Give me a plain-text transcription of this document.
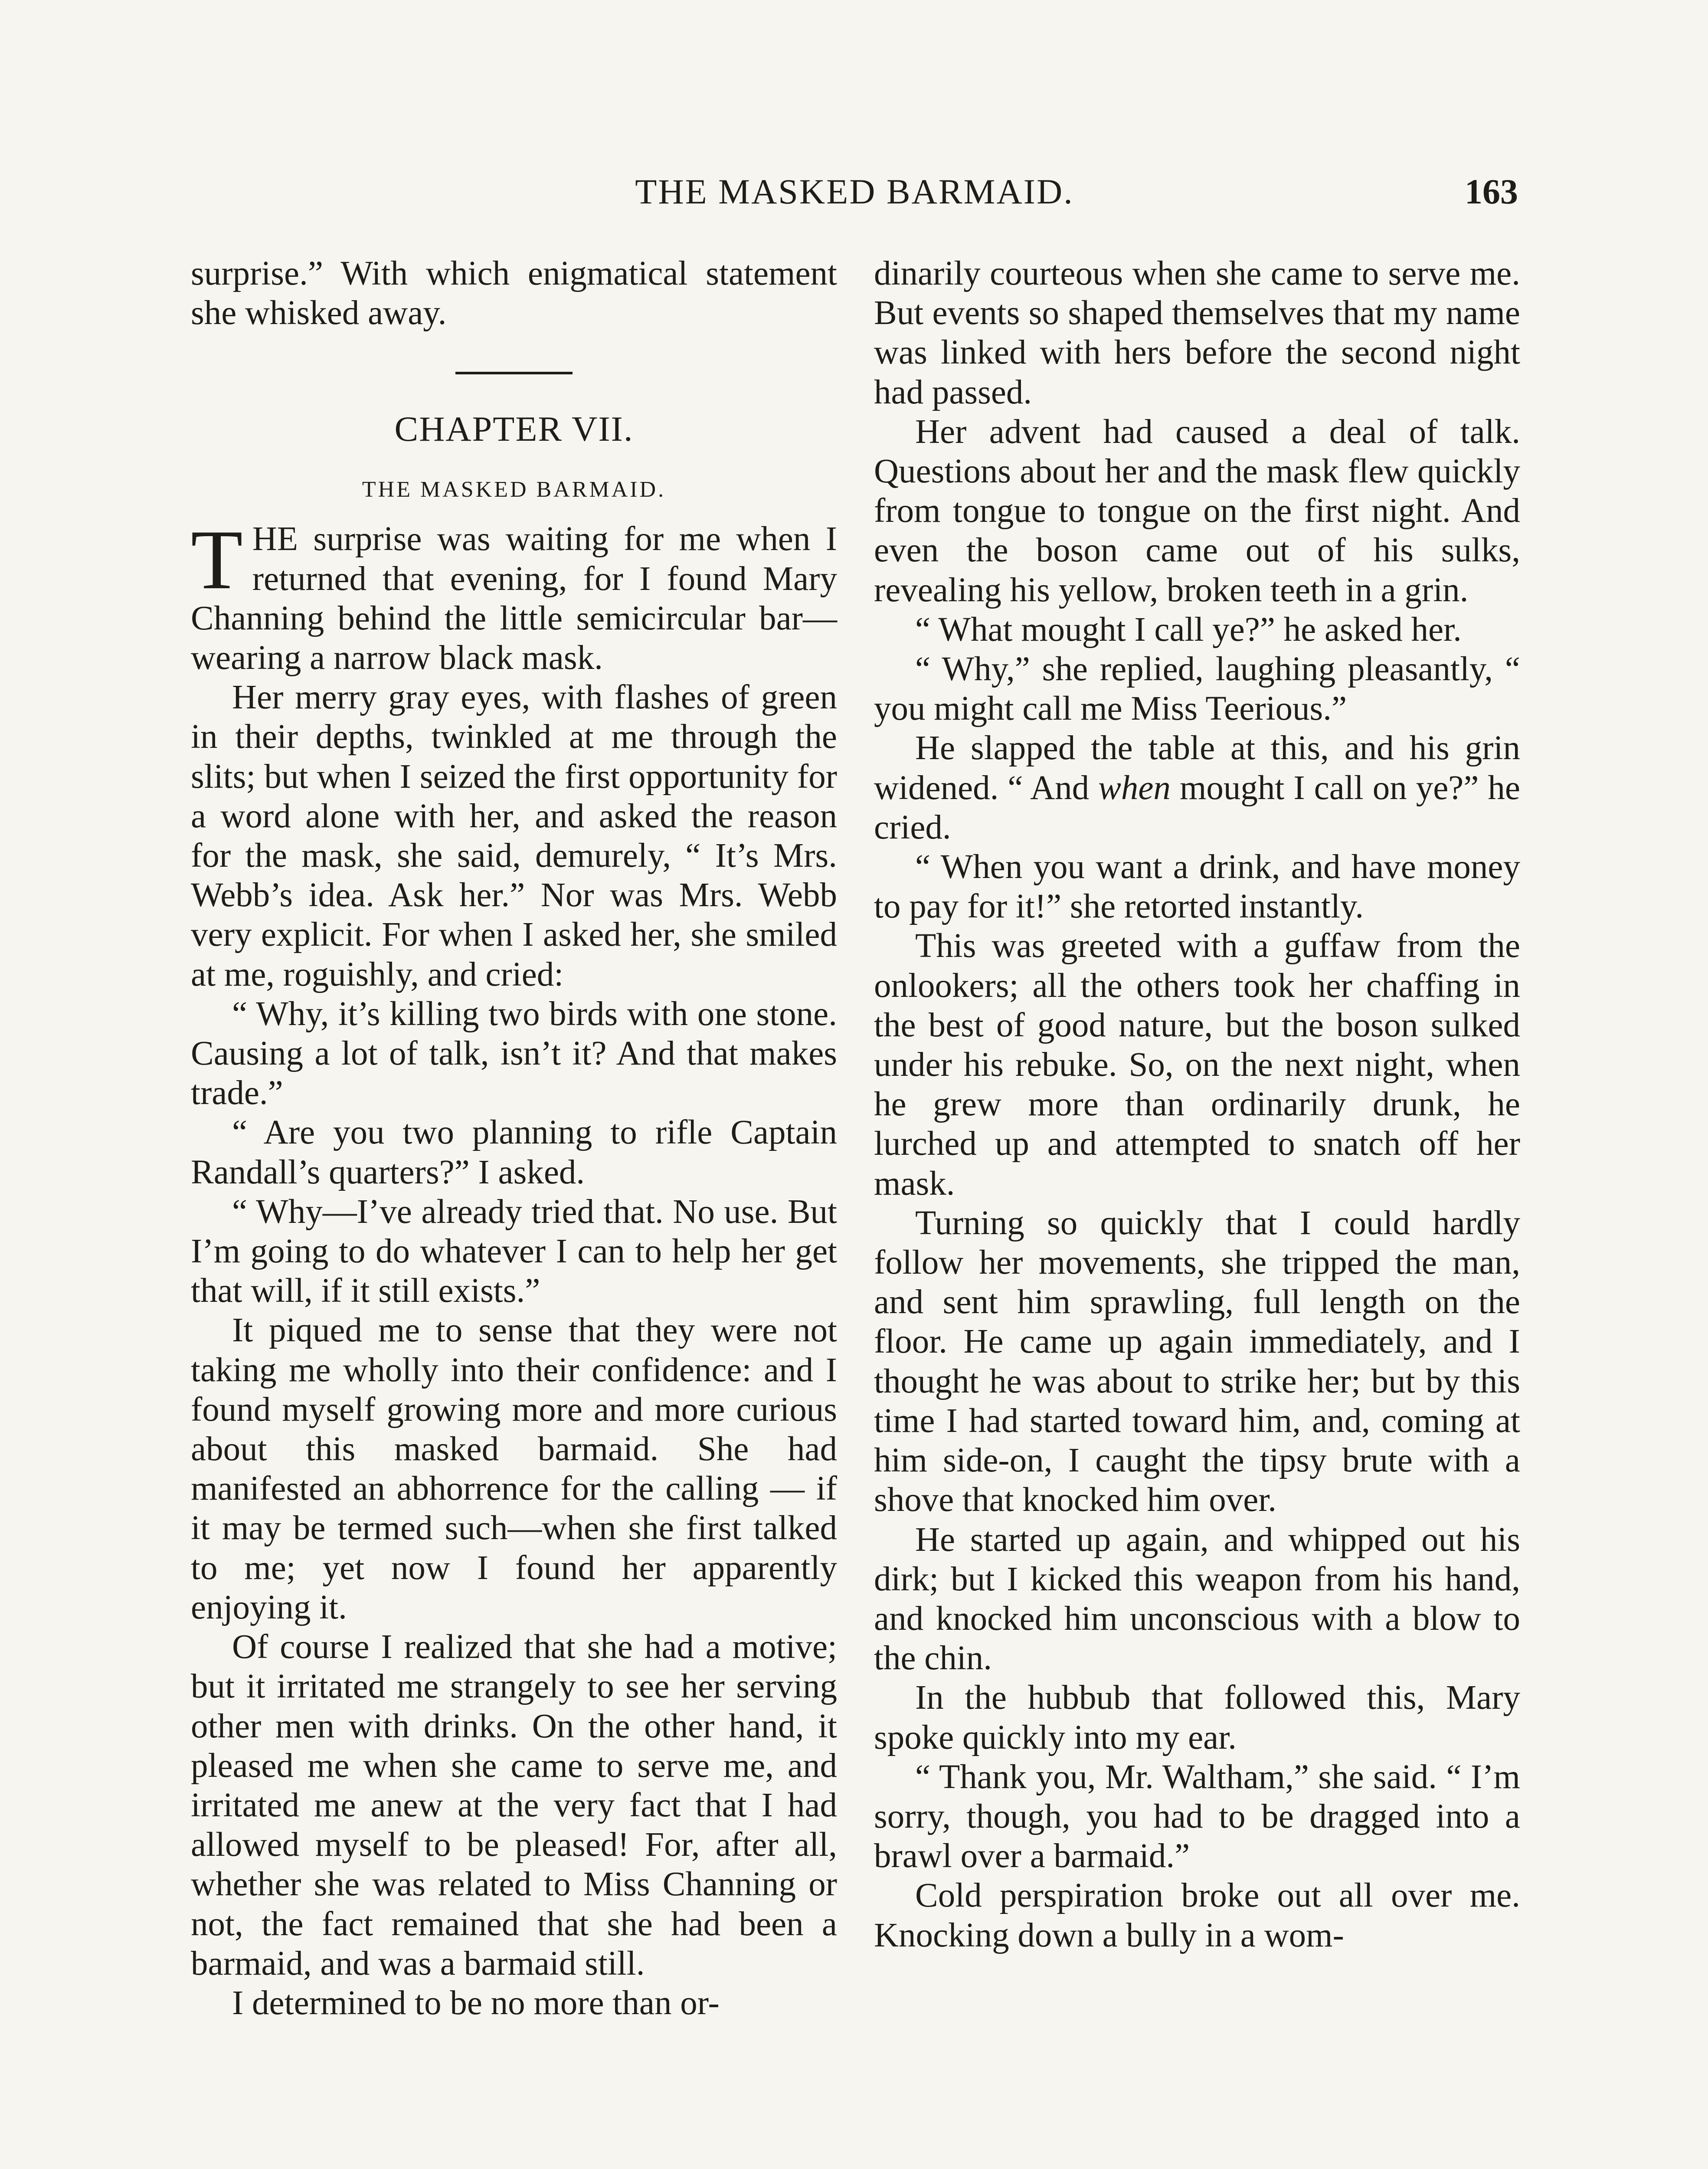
THE MASKED BARMAID.	163

surprise.” With which enigmatical statement she whisked away.

CHAPTER VII.
THE MASKED BARMAID.

THE surprise was waiting for me when I returned that evening, for I found Mary Channing behind the little semicircular bar—wearing a narrow black mask.

Her merry gray eyes, with flashes of green in their depths, twinkled at me through the slits; but when I seized the first opportunity for a word alone with her, and asked the reason for the mask, she said, demurely, “ It’s Mrs. Webb’s idea. Ask her.” Nor was Mrs. Webb very explicit. For when I asked her, she smiled at me, roguishly, and cried:

“ Why, it’s killing two birds with one stone. Causing a lot of talk, isn’t it? And that makes trade.”

“ Are you two planning to rifle Captain Randall’s quarters?” I asked.

“ Why—I’ve already tried that. No use. But I’m going to do whatever I can to help her get that will, if it still exists.”

It piqued me to sense that they were not taking me wholly into their confidence: and I found myself growing more and more curious about this masked barmaid. She had manifested an abhorrence for the calling — if it may be termed such—when she first talked to me; yet now I found her apparently enjoying it.

Of course I realized that she had a motive; but it irritated me strangely to see her serving other men with drinks. On the other hand, it pleased me when she came to serve me, and irritated me anew at the very fact that I had allowed myself to be pleased! For, after all, whether she was related to Miss Channing or not, the fact remained that she had been a barmaid, and was a barmaid still.

I determined to be no more than or-

dinarily courteous when she came to serve me. But events so shaped themselves that my name was linked with hers before the second night had passed.

Her advent had caused a deal of talk. Questions about her and the mask flew quickly from tongue to tongue on the first night. And even the boson came out of his sulks, revealing his yellow, broken teeth in a grin.

“ What mought I call ye?” he asked her.

“ Why,” she replied, laughing pleasantly, “ you might call me Miss Teerious.”

He slapped the table at this, and his grin widened. “ And when mought I call on ye?” he cried.

“ When you want a drink, and have money to pay for it!” she retorted instantly.

This was greeted with a guffaw from the onlookers; all the others took her chaffing in the best of good nature, but the boson sulked under his rebuke. So, on the next night, when he grew more than ordinarily drunk, he lurched up and attempted to snatch off her mask.

Turning so quickly that I could hardly follow her movements, she tripped the man, and sent him sprawling, full length on the floor. He came up again immediately, and I thought he was about to strike her; but by this time I had started toward him, and, coming at him side-on, I caught the tipsy brute with a shove that knocked him over.

He started up again, and whipped out his dirk; but I kicked this weapon from his hand, and knocked him unconscious with a blow to the chin.

In the hubbub that followed this, Mary spoke quickly into my ear.

“ Thank you, Mr. Waltham,” she said. “ I’m sorry, though, you had to be dragged into a brawl over a barmaid.”

Cold perspiration broke out all over me. Knocking down a bully in a wom-
